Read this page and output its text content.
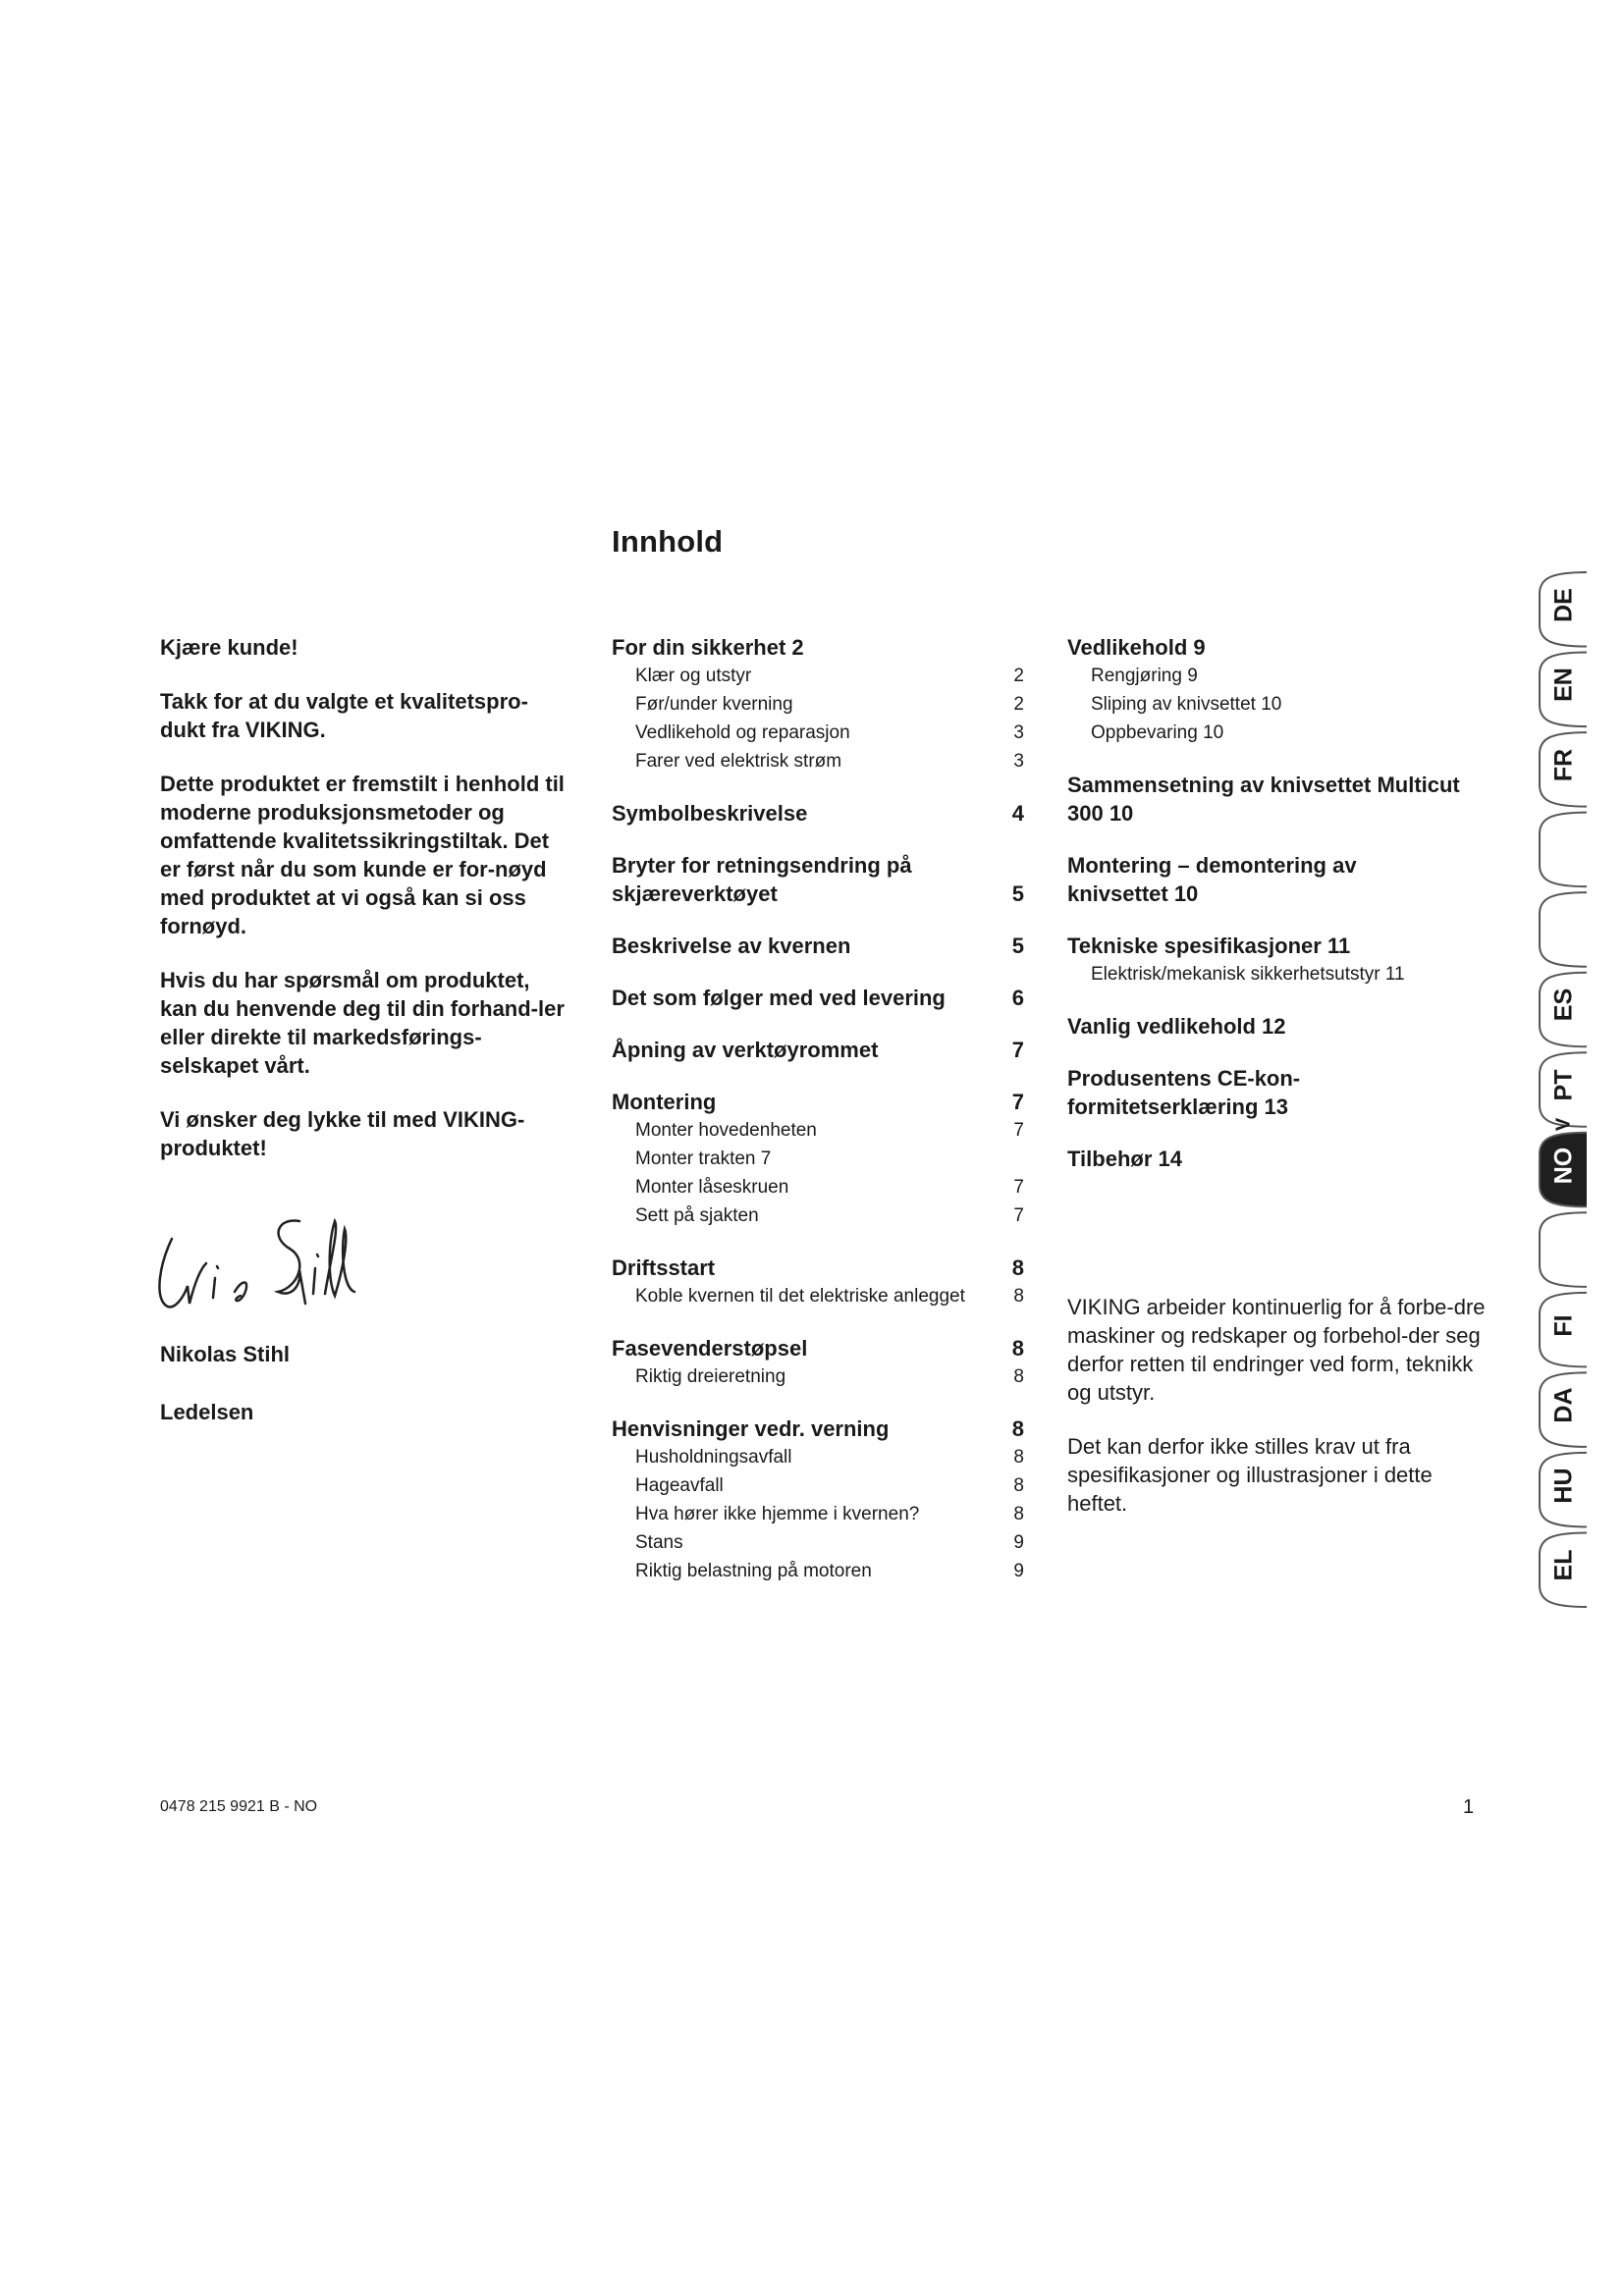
Innhold

Kjære kunde!

Takk for at du valgte et kvalitetspro-dukt fra VIKING.

Dette produktet er fremstilt i henhold til moderne produksjonsmetoder og omfattende kvalitetssikringstiltak. Det er først når du som kunde er for-nøyd med produktet at vi også kan si oss fornøyd.

Hvis du har spørsmål om produktet, kan du henvende deg til din forhand-ler eller direkte til markedsførings-selskapet vårt.

Vi ønsker deg lykke til med VIKING-produktet!

Nikolas Stihl
Ledelsen
For din sikkerhet 2
Klær og utstyr	2
Før/under kverning	2
Vedlikehold og reparasjon	3
Farer ved elektrisk strøm	3
Symbolbeskrivelse	4
Bryter for retningsendring på skjæreverktøyet	5
Beskrivelse av kvernen	5
Det som følger med ved levering	6
Åpning av verktøyrommet	7
Montering	7
Monter hovedenheten	7
Monter trakten 7
Monter låseskruen	7
Sett på sjakten	7
Driftsstart	8
Koble kvernen til det elektriske anlegget	8
Fasevenderstøpsel	8
Riktig dreieretning	8
Henvisninger vedr. verning	8
Husholdningsavfall	8
Hageavfall	8
Hva hører ikke hjemme i kvernen?	8
Stans	9
Riktig belastning på motoren	9
Vedlikehold 9
Rengjøring 9
Sliping av knivsettet 10
Oppbevaring 10
Sammensetning av knivsettet Multicut 300 10
Montering – demontering av knivsettet 10
Tekniske spesifikasjoner 11
Elektrisk/mekanisk sikkerhetsutstyr 11
Vanlig vedlikehold 12
Produsentens CE-kon-formitetserklæring 13
Tilbehør 14

VIKING arbeider kontinuerlig for å forbe-dre maskiner og redskaper og forbehol-der seg derfor retten til endringer ved form, teknikk og utstyr.

Det kan derfor ikke stilles krav ut fra spesifikasjoner og illustrasjoner i dette heftet.

0478 215 9921 B - NO	1
DE
EN
FR
ES
PT
NO
FI
DA
HU
EL
V
